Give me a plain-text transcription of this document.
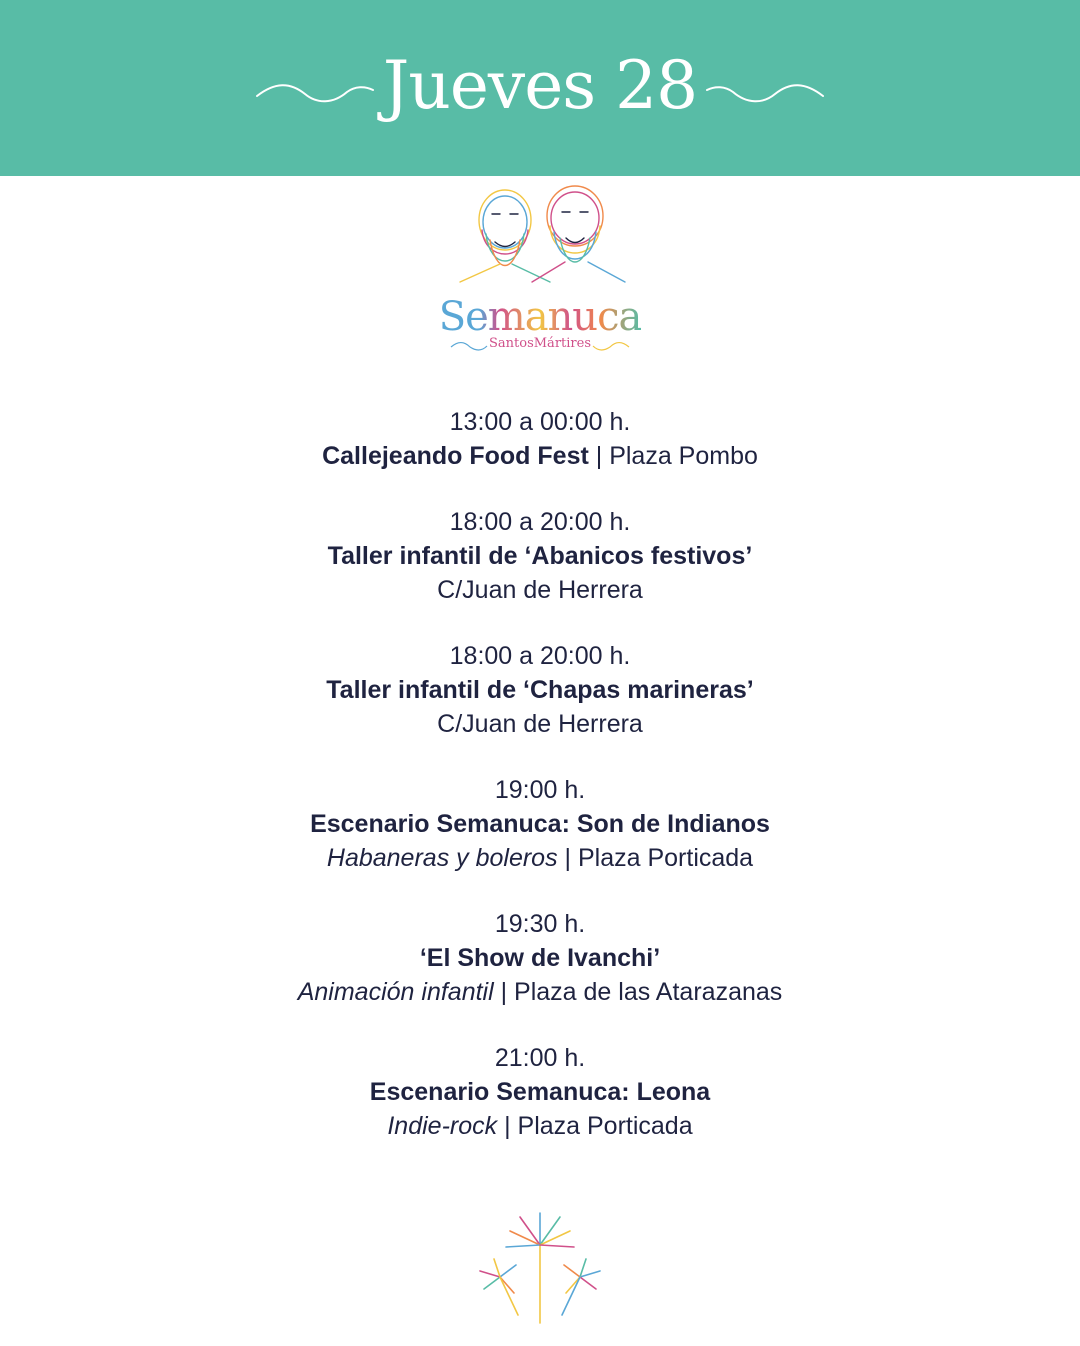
Jueves 28
Semanuca
SantosMártires
13:00 a 00:00 h.
Callejeando Food Fest | Plaza Pombo
18:00 a 20:00 h.
Taller infantil de ‘Abanicos festivos’
C/Juan de Herrera
18:00 a 20:00 h.
Taller infantil de ‘Chapas marineras’
C/Juan de Herrera
19:00 h.
Escenario Semanuca: Son de Indianos
Habaneras y boleros | Plaza Porticada
19:30 h.
‘El Show de Ivanchi’
Animación infantil | Plaza de las Atarazanas
21:00 h.
Escenario Semanuca: Leona
Indie-rock | Plaza Porticada
